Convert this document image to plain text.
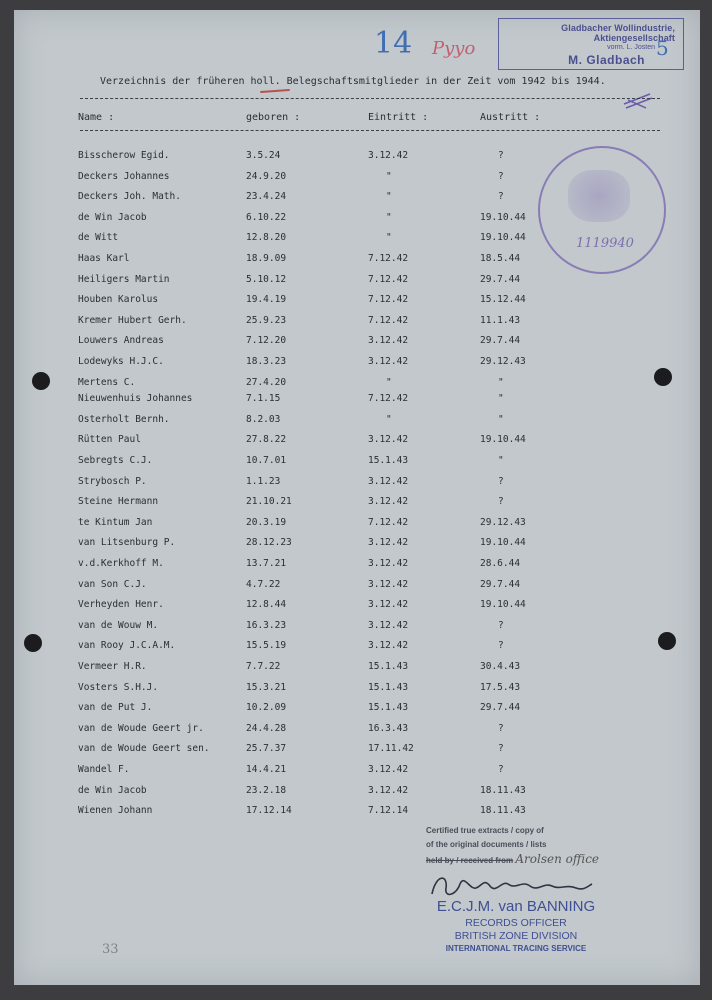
Gladbacher Wollindustrie, Aktiengesellschaft
vorm. L. Josten
M. Gladbach
14 Pyyo	5
Verzeichnis der früheren holl. Belegschaftsmitglieder in der Zeit vom 1942 bis 1944.
Name :	geboren :	Eintritt :	Austritt :
Bisscherow Egid.	3.5.24	3.12.42	?
Deckers Johannes	24.9.20	"	?
Deckers Joh. Math.	23.4.24	"	?
de Win Jacob	6.10.22	"	19.10.44
de Witt	12.8.20	"	19.10.44
Haas Karl	18.9.09	7.12.42	18.5.44
Heiligers Martin	5.10.12	7.12.42	29.7.44
Houben Karolus	19.4.19	7.12.42	15.12.44
Kremer Hubert Gerh.	25.9.23	7.12.42	11.1.43
Louwers Andreas	7.12.20	3.12.42	29.7.44
Lodewyks H.J.C.	18.3.23	3.12.42	29.12.43
Mertens C.	27.4.20	"	"
Nieuwenhuis Johannes	7.1.15	7.12.42	"
Osterholt Bernh.	8.2.03	"	"
Rütten Paul	27.8.22	3.12.42	19.10.44
Sebregts C.J.	10.7.01	15.1.43	"
Strybosch P.	1.1.23	3.12.42	?
Steine Hermann	21.10.21	3.12.42	?
te Kintum Jan	20.3.19	7.12.42	29.12.43
van Litsenburg P.	28.12.23	3.12.42	19.10.44
v.d.Kerkhoff M.	13.7.21	3.12.42	28.6.44
van Son C.J.	4.7.22	3.12.42	29.7.44
Verheyden Henr.	12.8.44	3.12.42	19.10.44
van de Wouw M.	16.3.23	3.12.42	?
van Rooy J.C.A.M.	15.5.19	3.12.42	?
Vermeer H.R.	7.7.22	15.1.43	30.4.43
Vosters S.H.J.	15.3.21	15.1.43	17.5.43
van de Put J.	10.2.09	15.1.43	29.7.44
van de Woude Geert jr.	24.4.28	16.3.43	?
van de Woude Geert sen.	25.7.37	17.11.42	?
Wandel F.	14.4.21	3.12.42	?
de Win Jacob	23.2.18	3.12.42	18.11.43
Wienen Johann	17.12.14	7.12.14	18.11.43
1119940
Certified true extracts / copy of
of the original documents / lists
held by / received from Arolsen office
E.C.J.M. van BANNING
RECORDS OFFICER
BRITISH ZONE DIVISION
INTERNATIONAL TRACING SERVICE
33
